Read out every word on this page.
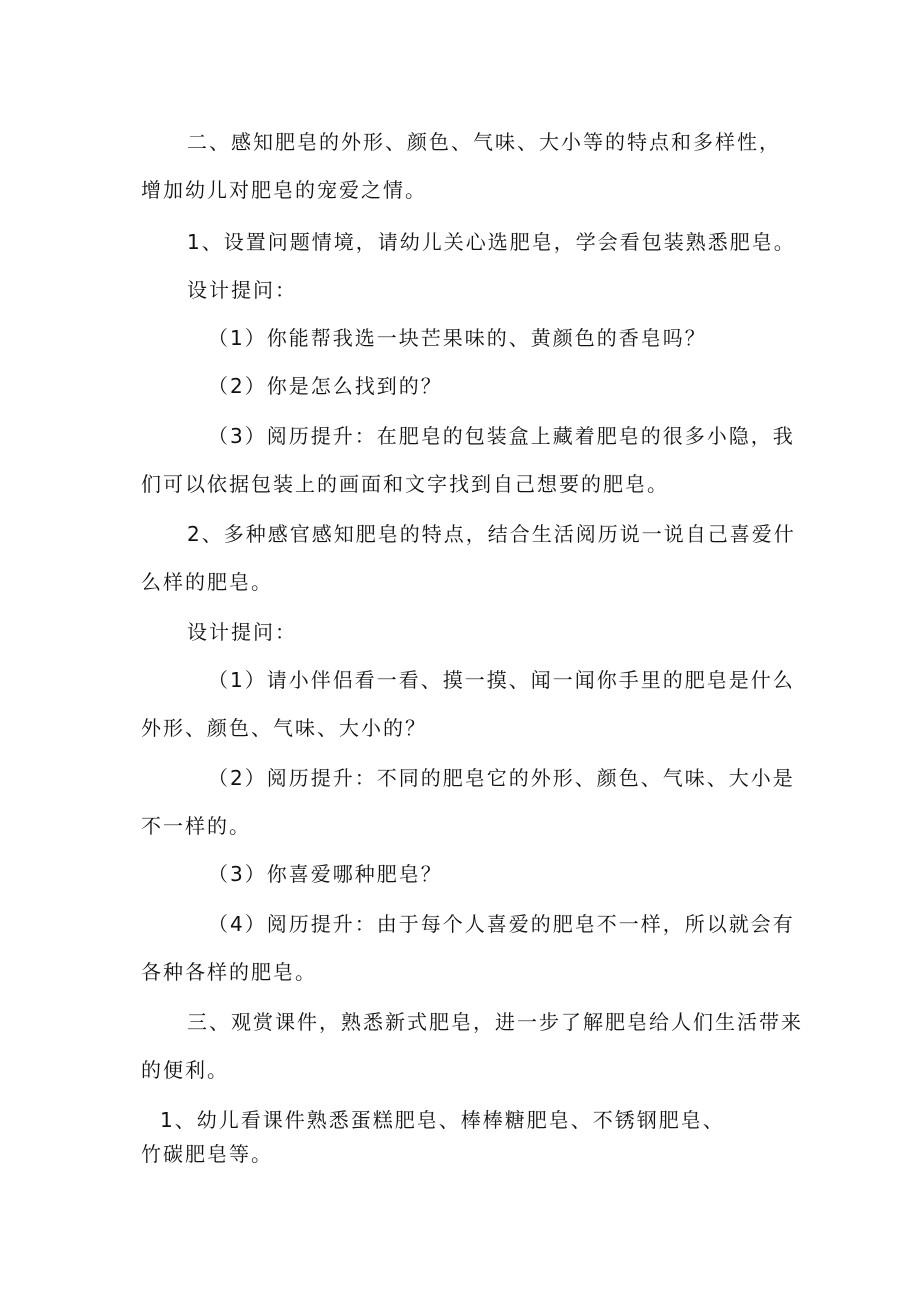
二、感知肥皂的外形、颜色、气味、大小等的特点和多样性，
增加幼儿对肥皂的宠爱之情。
1、设置问题情境，请幼儿关心选肥皂，学会看包装熟悉肥皂。
设计提问：
（1）你能帮我选一块芒果味的、黄颜色的香皂吗？
（2）你是怎么找到的？
（3）阅历提升：在肥皂的包装盒上藏着肥皂的很多小隐，我
们可以依据包装上的画面和文字找到自己想要的肥皂。
2、多种感官感知肥皂的特点，结合生活阅历说一说自己喜爱什
么样的肥皂。
设计提问：
（1）请小伴侣看一看、摸一摸、闻一闻你手里的肥皂是什么
外形、颜色、气味、大小的？
（2）阅历提升：不同的肥皂它的外形、颜色、气味、大小是
不一样的。
（3）你喜爱哪种肥皂？
（4）阅历提升：由于每个人喜爱的肥皂不一样，所以就会有
各种各样的肥皂。
三、观赏课件，熟悉新式肥皂，进一步了解肥皂给人们生活带来
的便利。
1、幼儿看课件熟悉蛋糕肥皂、棒棒糖肥皂、不锈钢肥皂、
竹碳肥皂等。
